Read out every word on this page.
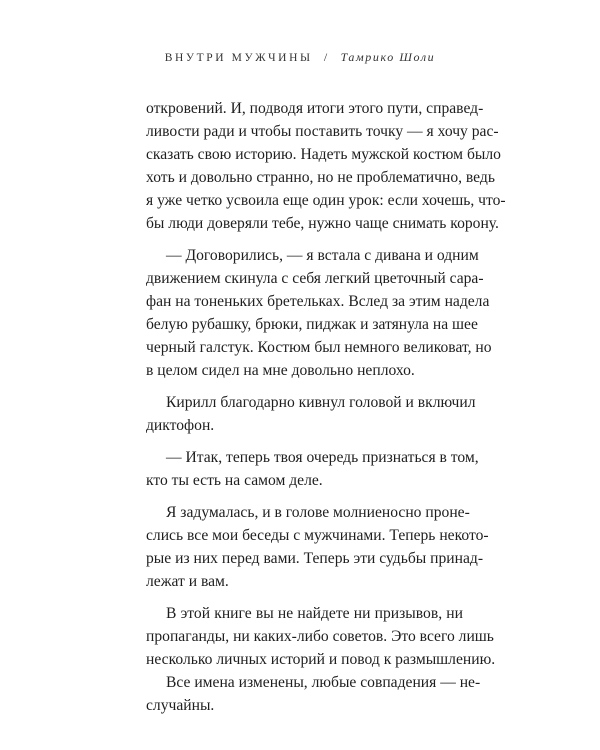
ВНУТРИ МУЖЧИНЫ / Тамрико Шоли
откровений. И, подводя итоги этого пути, справед-
ливости ради и чтобы поставить точку — я хочу рас-
сказать свою историю. Надеть мужской костюм было
хоть и довольно странно, но не проблематично, ведь
я уже четко усвоила еще один урок: если хочешь, что-
бы люди доверяли тебе, нужно чаще снимать корону.
— Договорились, — я встала с дивана и одним
движением скинула с себя легкий цветочный сара-
фан на тоненьких бретельках. Вслед за этим надела
белую рубашку, брюки, пиджак и затянула на шее
черный галстук. Костюм был немного великоват, но
в целом сидел на мне довольно неплохо.
Кирилл благодарно кивнул головой и включил
диктофон.
— Итак, теперь твоя очередь признаться в том,
кто ты есть на самом деле.
Я задумалась, и в голове молниеносно проне-
слись все мои беседы с мужчинами. Теперь некото-
рые из них перед вами. Теперь эти судьбы принад-
лежат и вам.
В этой книге вы не найдете ни призывов, ни
пропаганды, ни каких-либо советов. Это всего лишь
несколько личных историй и повод к размышлению.
Все имена изменены, любые совпадения — не-
случайны.
